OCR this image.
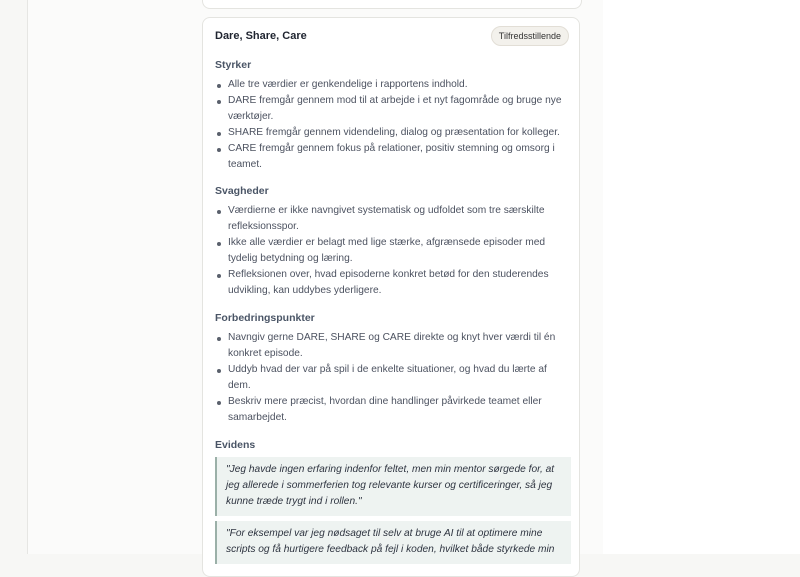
Dare, Share, Care	Tilfredsstillende
Styrker
Alle tre værdier er genkendelige i rapportens indhold.
DARE fremgår gennem mod til at arbejde i et nyt fagområde og bruge nye værktøjer.
SHARE fremgår gennem videndeling, dialog og præsentation for kolleger.
CARE fremgår gennem fokus på relationer, positiv stemning og omsorg i teamet.
Svagheder
Værdierne er ikke navngivet systematisk og udfoldet som tre særskilte refleksionsspor.
Ikke alle værdier er belagt med lige stærke, afgrænsede episoder med tydelig betydning og læring.
Refleksionen over, hvad episoderne konkret betød for den studerendes udvikling, kan uddybes yderligere.
Forbedringspunkter
Navngiv gerne DARE, SHARE og CARE direkte og knyt hver værdi til én konkret episode.
Uddyb hvad der var på spil i de enkelte situationer, og hvad du lærte af dem.
Beskriv mere præcist, hvordan dine handlinger påvirkede teamet eller samarbejdet.
Evidens
"Jeg havde ingen erfaring indenfor feltet, men min mentor sørgede for, at jeg allerede i sommerferien tog relevante kurser og certificeringer, så jeg kunne træde trygt ind i rollen."
"For eksempel var jeg nødsaget til selv at bruge AI til at optimere mine scripts og få hurtigere feedback på fejl i koden, hvilket både styrkede min
